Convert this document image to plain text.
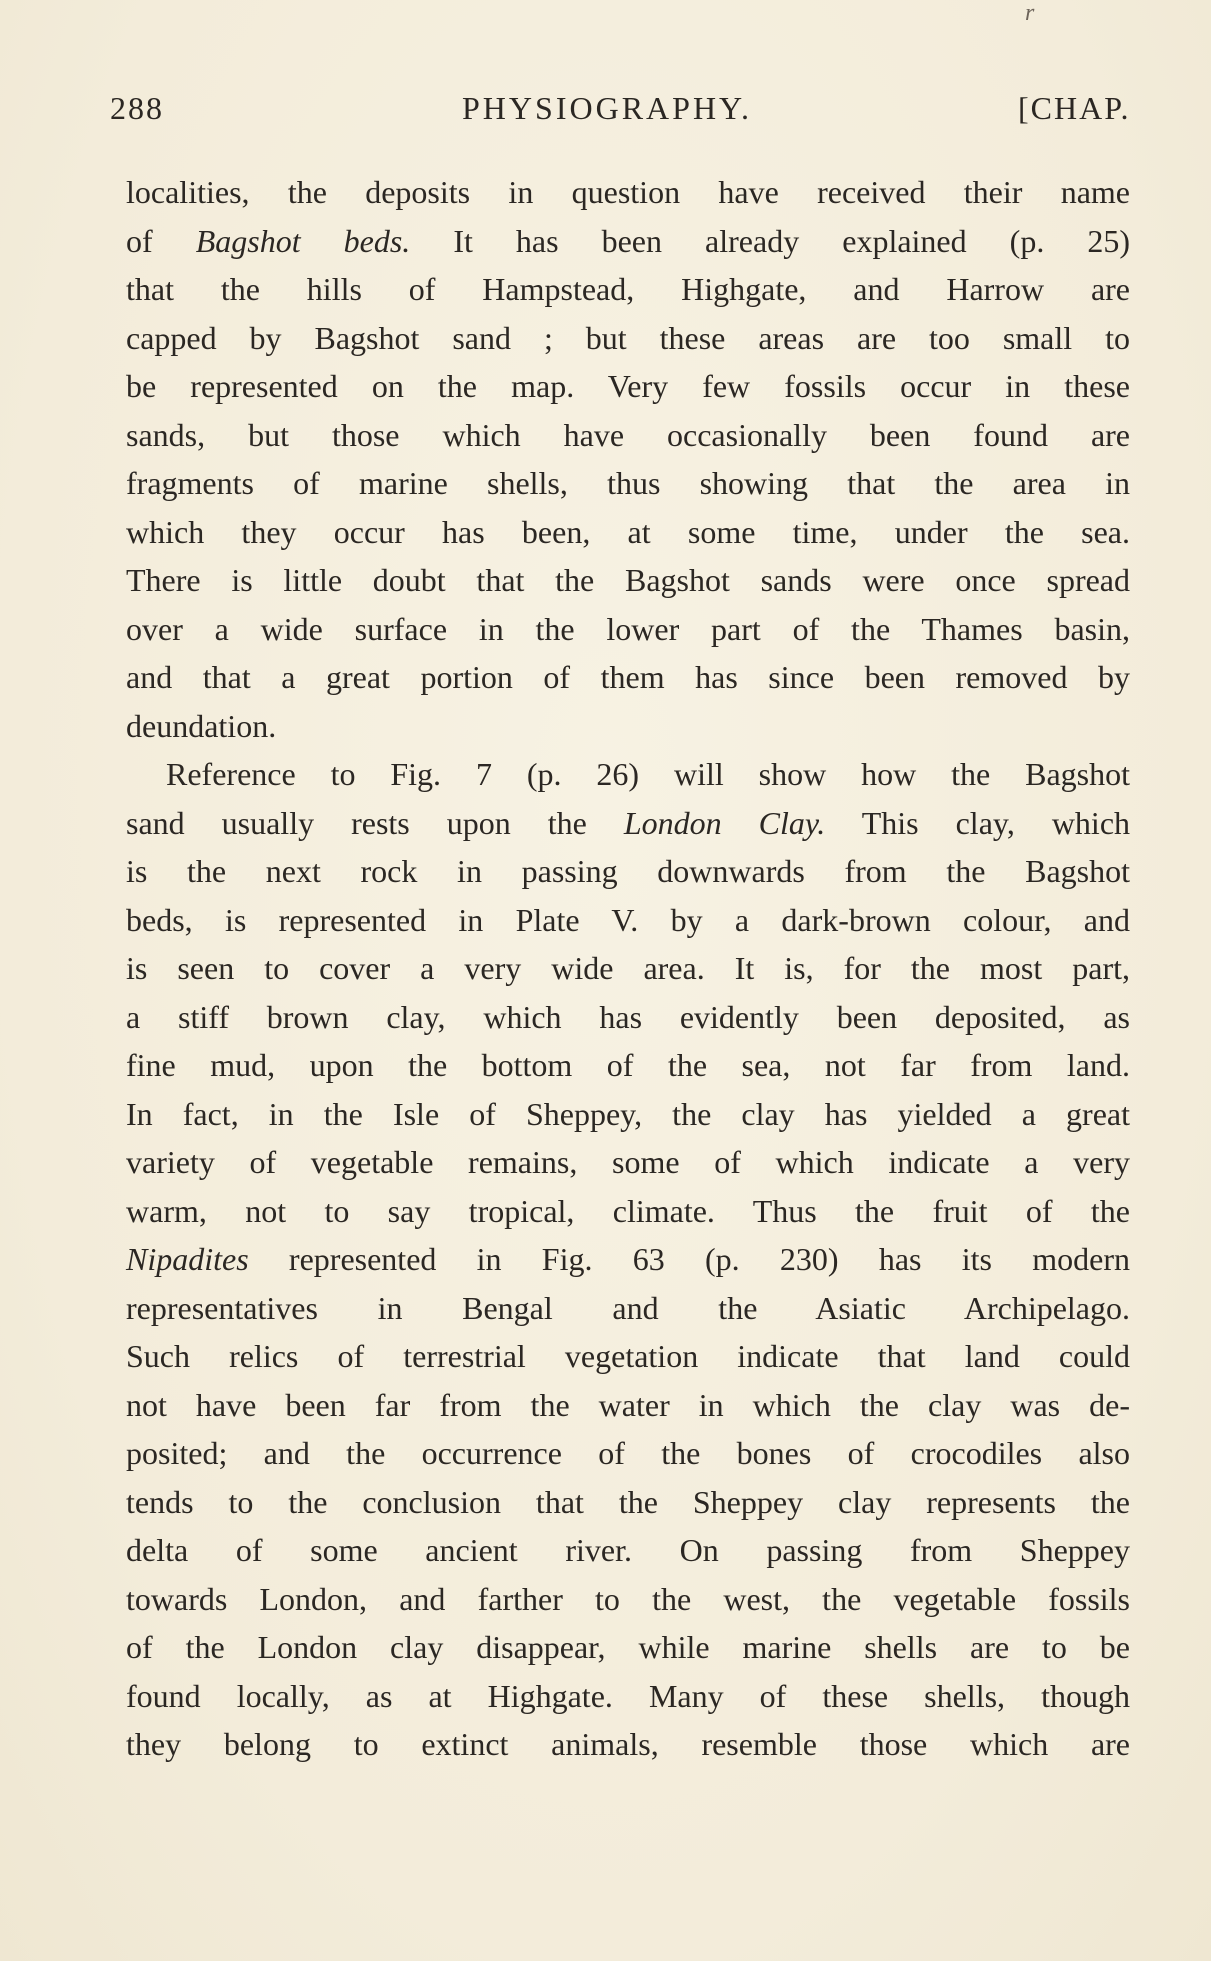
r
288	PHYSIOGRAPHY.	[CHAP.
localities, the deposits in question have received their name
of Bagshot beds. It has been already explained (p. 25)
that the hills of Hampstead, Highgate, and Harrow are
capped by Bagshot sand ; but these areas are too small to
be represented on the map. Very few fossils occur in these
sands, but those which have occasionally been found are
fragments of marine shells, thus showing that the area in
which they occur has been, at some time, under the sea.
There is little doubt that the Bagshot sands were once spread
over a wide surface in the lower part of the Thames basin,
and that a great portion of them has since been removed by
deundation.
Reference to Fig. 7 (p. 26) will show how the Bagshot
sand usually rests upon the London Clay. This clay, which
is the next rock in passing downwards from the Bagshot
beds, is represented in Plate V. by a dark-brown colour, and
is seen to cover a very wide area. It is, for the most part,
a stiff brown clay, which has evidently been deposited, as
fine mud, upon the bottom of the sea, not far from land.
In fact, in the Isle of Sheppey, the clay has yielded a great
variety of vegetable remains, some of which indicate a very
warm, not to say tropical, climate. Thus the fruit of the
Nipadites represented in Fig. 63 (p. 230) has its modern
representatives in Bengal and the Asiatic Archipelago.
Such relics of terrestrial vegetation indicate that land could
not have been far from the water in which the clay was de-
posited; and the occurrence of the bones of crocodiles also
tends to the conclusion that the Sheppey clay represents the
delta of some ancient river. On passing from Sheppey
towards London, and farther to the west, the vegetable fossils
of the London clay disappear, while marine shells are to be
found locally, as at Highgate. Many of these shells, though
they belong to extinct animals, resemble those which are
